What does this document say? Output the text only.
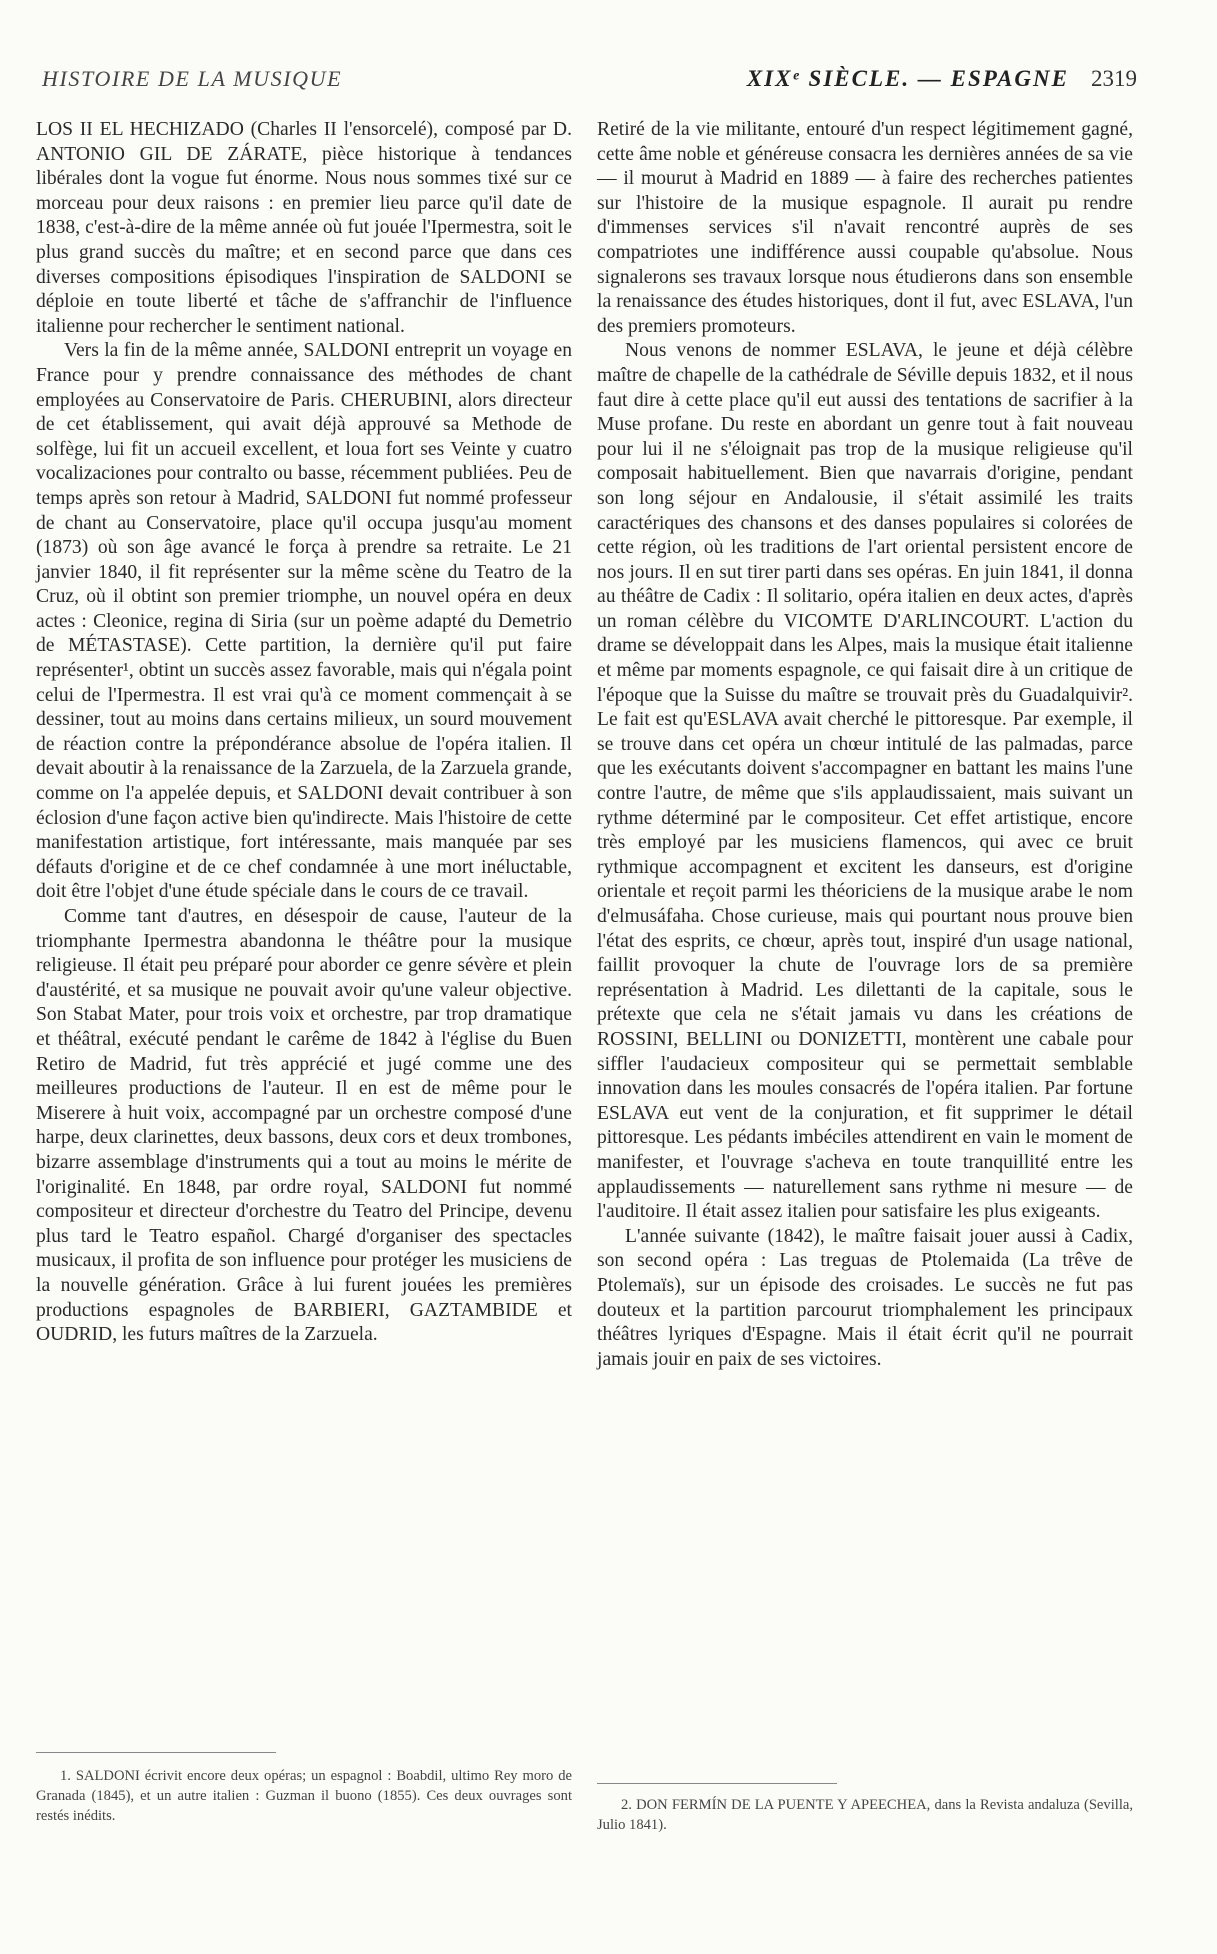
HISTOIRE DE LA MUSIQUE	XIXᵉ SIÈCLE. — ESPAGNE 2319

LOS II EL HECHIZADO (Charles II l'ensorcelé), composé par D. ANTONIO GIL DE ZÁRATE, pièce historique à tendances libérales dont la vogue fut énorme. Nous nous sommes tixé sur ce morceau pour deux raisons : en premier lieu parce qu'il date de 1838, c'est-à-dire de la même année où fut jouée l'Ipermestra, soit le plus grand succès du maître; et en second parce que dans ces diverses compositions épisodiques l'inspiration de SALDONI se déploie en toute liberté et tâche de s'affranchir de l'influence italienne pour rechercher le sentiment national.

Vers la fin de la même année, SALDONI entreprit un voyage en France pour y prendre connaissance des méthodes de chant employées au Conservatoire de Paris. CHERUBINI, alors directeur de cet établissement, qui avait déjà approuvé sa Methode de solfège, lui fit un accueil excellent, et loua fort ses Veinte y cuatro vocalizaciones pour contralto ou basse, récemment publiées. Peu de temps après son retour à Madrid, SALDONI fut nommé professeur de chant au Conservatoire, place qu'il occupa jusqu'au moment (1873) où son âge avancé le força à prendre sa retraite. Le 21 janvier 1840, il fit représenter sur la même scène du Teatro de la Cruz, où il obtint son premier triomphe, un nouvel opéra en deux actes : Cleonice, regina di Siria (sur un poème adapté du Demetrio de MÉTASTASE). Cette partition, la dernière qu'il put faire représenter¹, obtint un succès assez favorable, mais qui n'égala point celui de l'Ipermestra. Il est vrai qu'à ce moment commençait à se dessiner, tout au moins dans certains milieux, un sourd mouvement de réaction contre la prépondérance absolue de l'opéra italien. Il devait aboutir à la renaissance de la Zarzuela, de la Zarzuela grande, comme on l'a appelée depuis, et SALDONI devait contribuer à son éclosion d'une façon active bien qu'indirecte. Mais l'histoire de cette manifestation artistique, fort intéressante, mais manquée par ses défauts d'origine et de ce chef condamnée à une mort inéluctable, doit être l'objet d'une étude spéciale dans le cours de ce travail.

Comme tant d'autres, en désespoir de cause, l'auteur de la triomphante Ipermestra abandonna le théâtre pour la musique religieuse. Il était peu préparé pour aborder ce genre sévère et plein d'austérité, et sa musique ne pouvait avoir qu'une valeur objective. Son Stabat Mater, pour trois voix et orchestre, par trop dramatique et théâtral, exécuté pendant le carême de 1842 à l'église du Buen Retiro de Madrid, fut très apprécié et jugé comme une des meilleures productions de l'auteur. Il en est de même pour le Miserere à huit voix, accompagné par un orchestre composé d'une harpe, deux clarinettes, deux bassons, deux cors et deux trombones, bizarre assemblage d'instruments qui a tout au moins le mérite de l'originalité. En 1848, par ordre royal, SALDONI fut nommé compositeur et directeur d'orchestre du Teatro del Principe, devenu plus tard le Teatro español. Chargé d'organiser des spectacles musicaux, il profita de son influence pour protéger les musiciens de la nouvelle génération. Grâce à lui furent jouées les premières productions espagnoles de BARBIERI, GAZTAMBIDE et OUDRID, les futurs maîtres de la Zarzuela.

Retiré de la vie militante, entouré d'un respect légitimement gagné, cette âme noble et généreuse consacra les dernières années de sa vie — il mourut à Madrid en 1889 — à faire des recherches patientes sur l'histoire de la musique espagnole. Il aurait pu rendre d'immenses services s'il n'avait rencontré auprès de ses compatriotes une indifférence aussi coupable qu'absolue. Nous signalerons ses travaux lorsque nous étudierons dans son ensemble la renaissance des études historiques, dont il fut, avec ESLAVA, l'un des premiers promoteurs.

Nous venons de nommer ESLAVA, le jeune et déjà célèbre maître de chapelle de la cathédrale de Séville depuis 1832, et il nous faut dire à cette place qu'il eut aussi des tentations de sacrifier à la Muse profane. Du reste en abordant un genre tout à fait nouveau pour lui il ne s'éloignait pas trop de la musique religieuse qu'il composait habituellement. Bien que navarrais d'origine, pendant son long séjour en Andalousie, il s'était assimilé les traits caractériques des chansons et des danses populaires si colorées de cette région, où les traditions de l'art oriental persistent encore de nos jours. Il en sut tirer parti dans ses opéras. En juin 1841, il donna au théâtre de Cadix : Il solitario, opéra italien en deux actes, d'après un roman célèbre du VICOMTE D'ARLINCOURT. L'action du drame se développait dans les Alpes, mais la musique était italienne et même par moments espagnole, ce qui faisait dire à un critique de l'époque que la Suisse du maître se trouvait près du Guadalquivir². Le fait est qu'ESLAVA avait cherché le pittoresque. Par exemple, il se trouve dans cet opéra un chœur intitulé de las palmadas, parce que les exécutants doivent s'accompagner en battant les mains l'une contre l'autre, de même que s'ils applaudissaient, mais suivant un rythme déterminé par le compositeur. Cet effet artistique, encore très employé par les musiciens flamencos, qui avec ce bruit rythmique accompagnent et excitent les danseurs, est d'origine orientale et reçoit parmi les théoriciens de la musique arabe le nom d'elmusáfaha. Chose curieuse, mais qui pourtant nous prouve bien l'état des esprits, ce chœur, après tout, inspiré d'un usage national, faillit provoquer la chute de l'ouvrage lors de sa première représentation à Madrid. Les dilettanti de la capitale, sous le prétexte que cela ne s'était jamais vu dans les créations de ROSSINI, BELLINI ou DONIZETTI, montèrent une cabale pour siffler l'audacieux compositeur qui se permettait semblable innovation dans les moules consacrés de l'opéra italien. Par fortune ESLAVA eut vent de la conjuration, et fit supprimer le détail pittoresque. Les pédants imbéciles attendirent en vain le moment de manifester, et l'ouvrage s'acheva en toute tranquillité entre les applaudissements — naturellement sans rythme ni mesure — de l'auditoire. Il était assez italien pour satisfaire les plus exigeants.

L'année suivante (1842), le maître faisait jouer aussi à Cadix, son second opéra : Las treguas de Ptolemaida (La trêve de Ptolemaïs), sur un épisode des croisades. Le succès ne fut pas douteux et la partition parcourut triomphalement les principaux théâtres lyriques d'Espagne. Mais il était écrit qu'il ne pourrait jamais jouir en paix de ses victoires.

1. SALDONI écrivit encore deux opéras; un espagnol : Boabdil, ultimo Rey moro de Granada (1845), et un autre italien : Guzman il buono (1855). Ces deux ouvrages sont restés inédits.

2. DON FERMÍN DE LA PUENTE Y APEECHEA, dans la Revista andaluza (Sevilla, Julio 1841).
